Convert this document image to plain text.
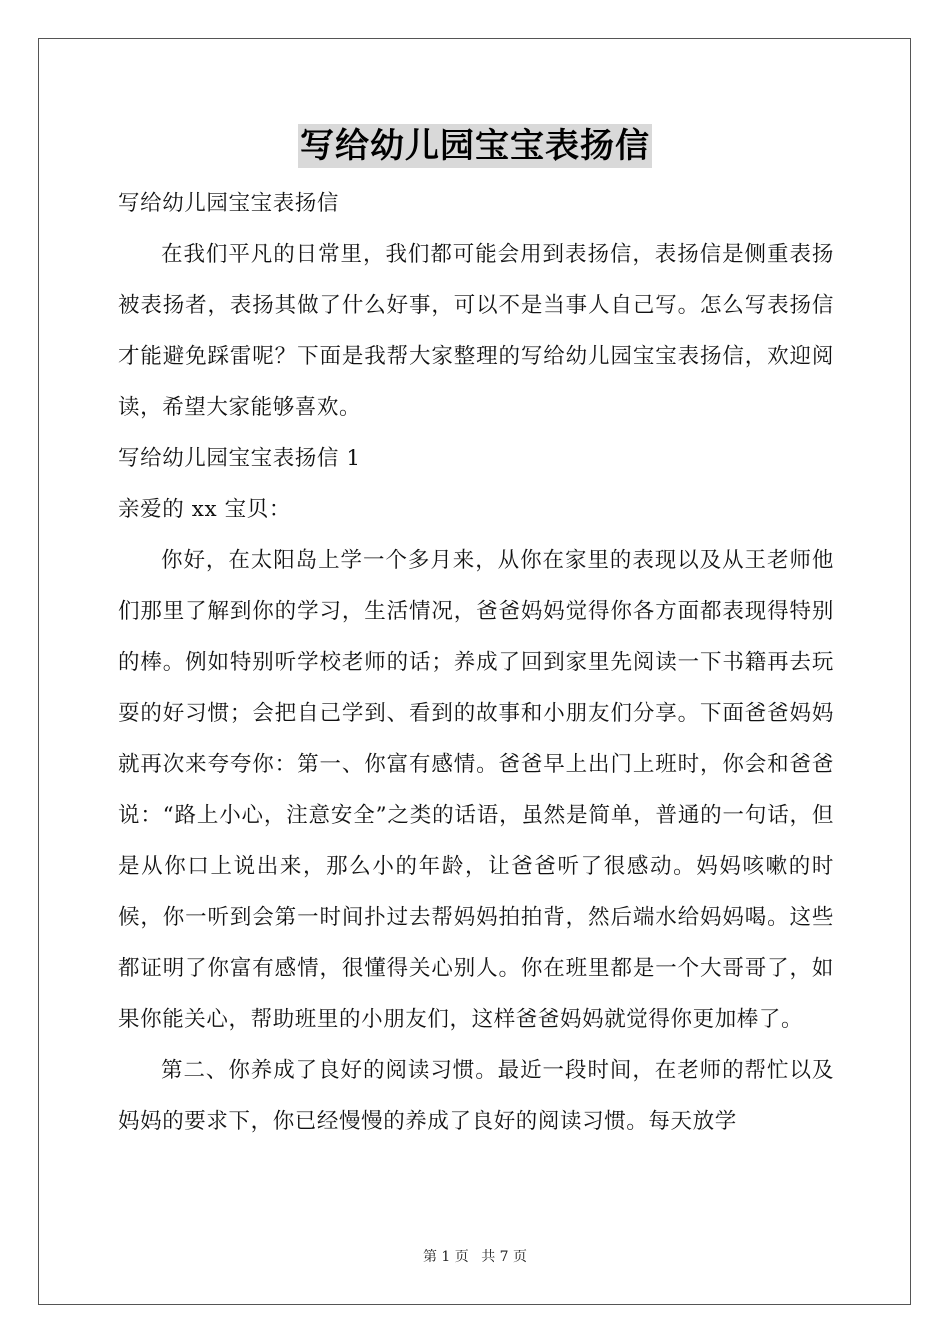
写给幼儿园宝宝表扬信

写给幼儿园宝宝表扬信

在我们平凡的日常里，我们都可能会用到表扬信，表扬信是侧重表扬被表扬者，表扬其做了什么好事，可以不是当事人自己写。怎么写表扬信才能避免踩雷呢？下面是我帮大家整理的写给幼儿园宝宝表扬信，欢迎阅读，希望大家能够喜欢。

写给幼儿园宝宝表扬信 1

亲爱的 xx 宝贝：

你好，在太阳岛上学一个多月来，从你在家里的表现以及从王老师他们那里了解到你的学习，生活情况，爸爸妈妈觉得你各方面都表现得特别的棒。例如特别听学校老师的话；养成了回到家里先阅读一下书籍再去玩耍的好习惯；会把自己学到、看到的故事和小朋友们分享。下面爸爸妈妈就再次来夸夸你：第一、你富有感情。爸爸早上出门上班时，你会和爸爸说：“路上小心，注意安全”之类的话语，虽然是简单，普通的一句话，但是从你口上说出来，那么小的年龄，让爸爸听了很感动。妈妈咳嗽的时候，你一听到会第一时间扑过去帮妈妈拍拍背，然后端水给妈妈喝。这些都证明了你富有感情，很懂得关心别人。你在班里都是一个大哥哥了，如果你能关心，帮助班里的小朋友们，这样爸爸妈妈就觉得你更加棒了。

第二、你养成了良好的阅读习惯。最近一段时间，在老师的帮忙以及妈妈的要求下，你已经慢慢的养成了良好的阅读习惯。每天放学

第 1 页 共 7 页
